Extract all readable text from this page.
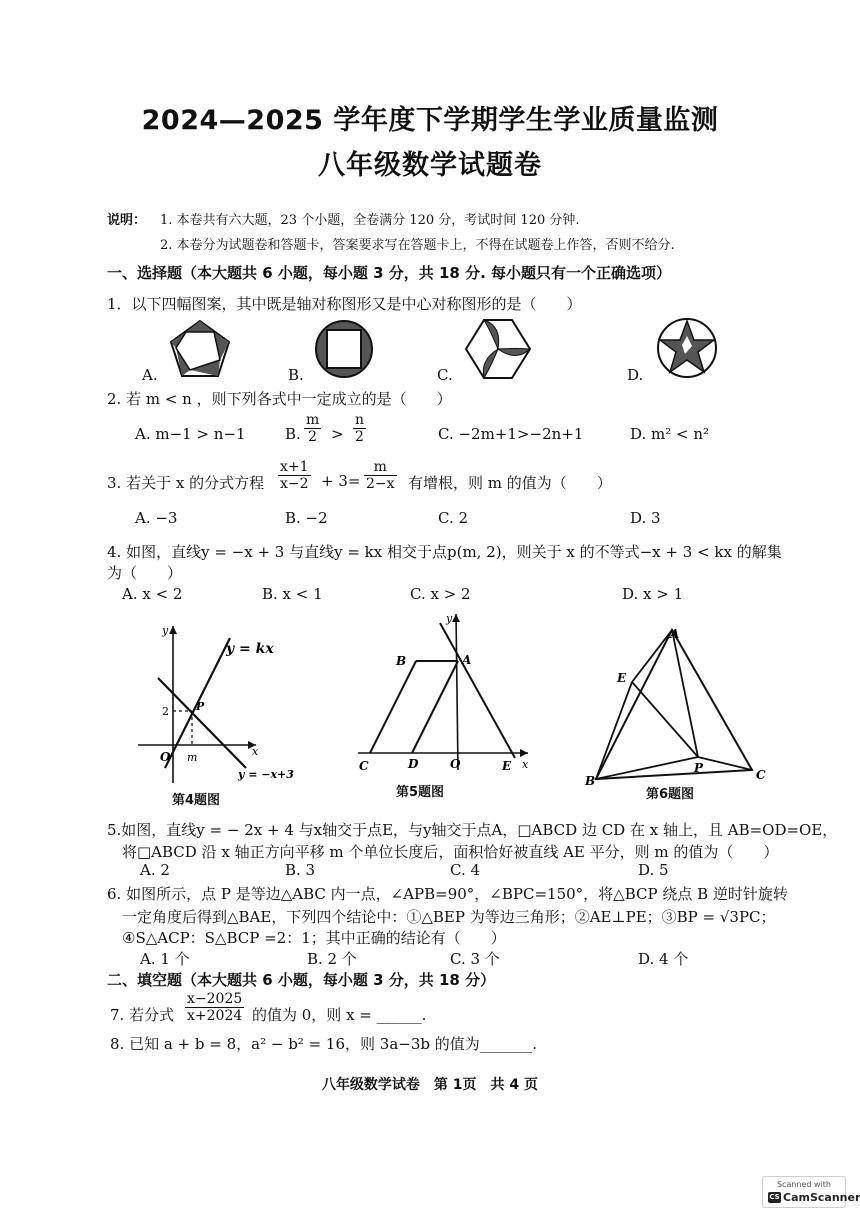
2024—2025 学年度下学期学生学业质量监测
八年级数学试题卷
说明： 1. 本卷共有六大题，23 个小题，全卷满分 120 分，考试时间 120 分钟.
2. 本卷分为试题卷和答题卡，答案要求写在答题卡上，不得在试题卷上作答，否则不给分.
一、选择题（本大题共 6 小题，每小题 3 分，共 18 分. 每小题只有一个正确选项）
1．以下四幅图案，其中既是轴对称图形又是中心对称图形的是（　　）
A.	B.	C.	D.
2. 若 m < n ，则下列各式中一定成立的是（　　）
A. m−1 > n−1	B. $\frac{m}{2} > \frac{n}{2}$	C. −2m+1>−2n+1	D. m² < n²
3. 若关于 x 的分式方程 $\frac{x+1}{x-2} + 3= \frac{m}{2-x}$ 有增根，则 m 的值为（　　）
A. −3	B. −2	C. 2	D. 3
4. 如图，直线y = −x + 3 与直线y = kx 相交于点p(m, 2)，则关于 x 的不等式−x + 3 < kx 的解集
为（　　）
A. x < 2	B. x < 1	C. x > 2	D. x > 1
y
y = kx
2 P
O m	x
y = −x+3
第4题图
B	A
y
C	D	O	E x
第5题图
A
E
B
P	C
第6题图
5.如图，直线y = − 2x + 4 与x轴交于点E，与y轴交于点A，□ABCD 边 CD 在 x 轴上，且 AB=OD=OE，
将□ABCD 沿 x 轴正方向平移 m 个单位长度后，面积恰好被直线 AE 平分，则 m 的值为（　　）
A. 2	B. 3	C. 4	D. 5
6. 如图所示，点 P 是等边△ABC 内一点，∠APB=90°，∠BPC=150°，将△BCP 绕点 B 逆时针旋转
一定角度后得到△BAE，下列四个结论中：①△BEP 为等边三角形；②AE⊥PE；③BP = √3PC；
④S△ACP：S△BCP =2：1；其中正确的结论有（　　）
A. 1 个	B. 2 个	C. 3 个	D. 4 个
二、填空题（本大题共 6 小题，每小题 3 分，共 18 分）
7. 若分式 $\frac{x-2025}{x+2024}$ 的值为 0，则 x = ______.
8. 已知 a + b = 8，a² − b² = 16，则 3a−3b 的值为_______.
八年级数学试卷　第 1页　共 4 页
Scanned with
CS CamScanner
